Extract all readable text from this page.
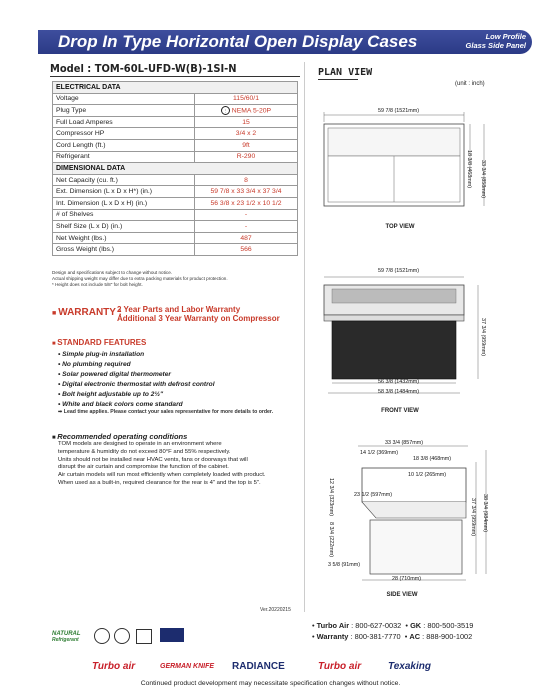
Drop In Type Horizontal Open Display Cases	Low Profile
Glass Side Panel
Model : TOM-60L-UFD-W(B)-1SI-N
ELECTRICAL DATA	
Voltage	115/60/1
Plug Type	⋮ NEMA 5-20P
Full Load Amperes	15
Compressor HP	3/4 x 2
Cord Length (ft.)	9ft
Refrigerant	R-290
DIMENSIONAL DATA	
Net Capacity (cu. ft.)	8
Ext. Dimension (L x D x H*) (in.)	59 7/8 x 33 3/4 x 37 3/4
Int. Dimension (L x D x H) (in.)	56 3/8 x 23 1/2 x 10 1/2
# of Shelves	-
Shelf Size (L x D) (in.)	-
Net Weight (lbs.)	487
Gross Weight (lbs.)	566
Design and specifications subject to change without notice.
Actual shipping weight may differ due to extra packing materials for product protection.
* Height does not include 5/8" for bolt height.
■ WARRANTY :
2 Year Parts and Labor Warranty
Additional 3 Year Warranty on Compressor
■ STANDARD FEATURES
• Simple plug-in installation
• No plumbing required
• Solar powered digital thermometer
• Digital electronic thermostat with defrost control
• Bolt height adjustable up to 2½"
• White and black colors come standard
➡ Lead time applies. Please contact your sales representative for more details to order.
■ Recommended operating conditions
TOM models are designed to operate in an environment where
temperature & humidity do not exceed 80°F and 55% respectively.
Units should not be installed near HVAC vents, fans or doorways that will
disrupt the air curtain and compromise the function of the cabinet.
Air curtain models will run most efficiently when completely loaded with product.
When used as a built-in, required clearance for the rear is 4" and the top is 5".
Ver.20220215
PLAN VIEW
(unit : inch)
59 7/8 (1521mm)
18 3/8 (468mm) 33 3/4 (858mm)
TOP VIEW
59 7/8 (1521mm)
56 3/8 (1432mm)
58 3/8 (1484mm)
37 3/4 (959mm)
FRONT VIEW
33 3/4 (857mm)
14 1/2 (369mm)
18 3/8 (468mm)
10 1/2 (265mm)
23 1/2 (597mm)
12 3/4 (323mm)
8 3/4 (222mm)
3 5/8 (91mm)
28 (710mm)
37 3/4 (959mm) 38 3/4 (984mm)
SIDE VIEW
• Turbo Air : 800-627-0032 • GK : 800-500-3519
• Warranty : 800-381-7770 • AC : 888-900-1002
NATURAL
Refrigerant
Turbo air	GERMAN KNIFE RADIANCE	Turbo air	Texaking
Continued product development may necessitate specification changes without notice.
